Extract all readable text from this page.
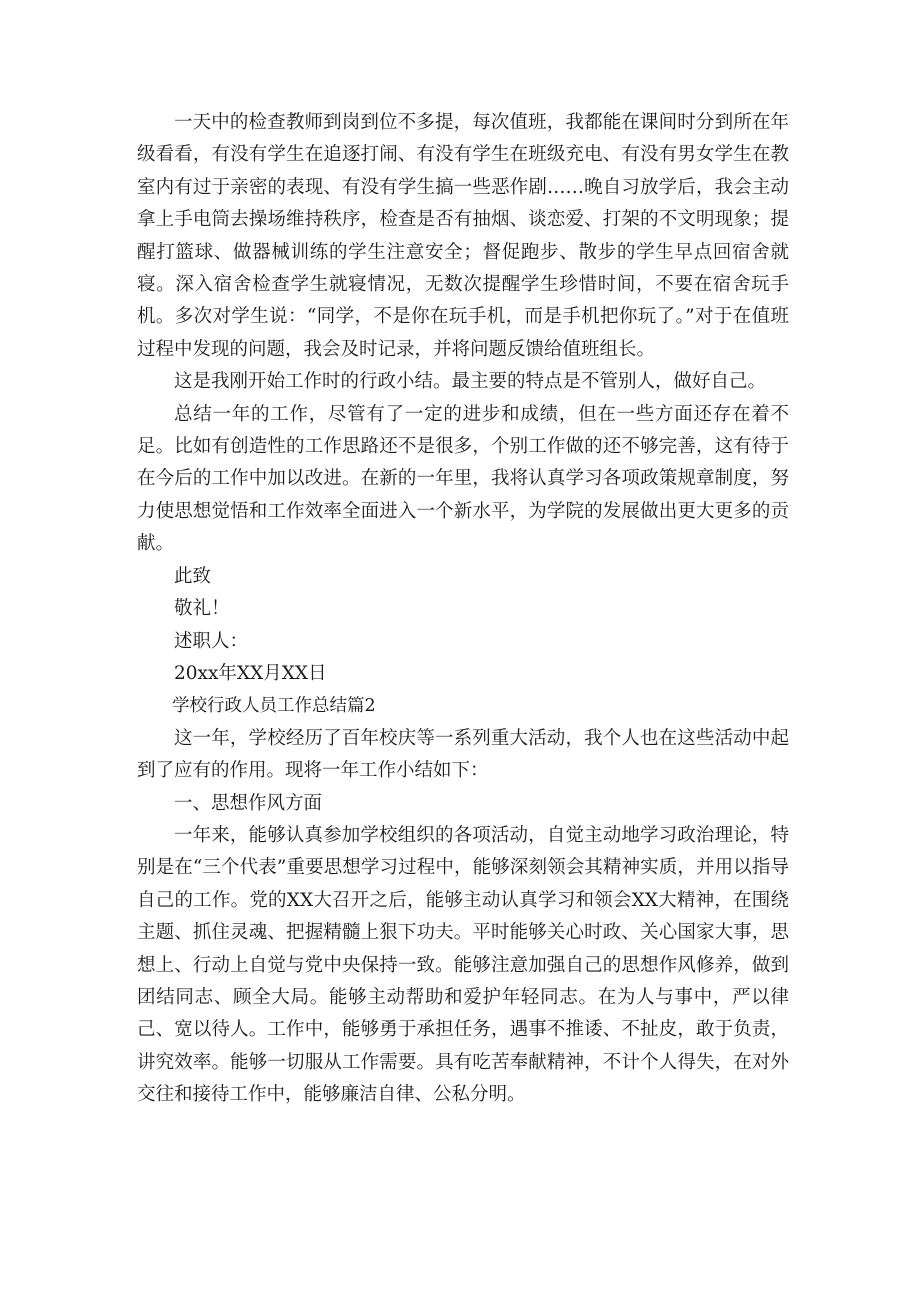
一天中的检查教师到岗到位不多提，每次值班，我都能在课间时分到所在年级看看，有没有学生在追逐打闹、有没有学生在班级充电、有没有男女学生在教室内有过于亲密的表现、有没有学生搞一些恶作剧……晚自习放学后，我会主动拿上手电筒去操场维持秩序，检查是否有抽烟、谈恋爱、打架的不文明现象；提醒打篮球、做器械训练的学生注意安全；督促跑步、散步的学生早点回宿舍就寝。深入宿舍检查学生就寝情况，无数次提醒学生珍惜时间，不要在宿舍玩手机。多次对学生说：“同学，不是你在玩手机，而是手机把你玩了。”对于在值班过程中发现的问题，我会及时记录，并将问题反馈给值班组长。

这是我刚开始工作时的行政小结。最主要的特点是不管别人，做好自己。

总结一年的工作，尽管有了一定的进步和成绩，但在一些方面还存在着不足。比如有创造性的工作思路还不是很多，个别工作做的还不够完善，这有待于在今后的工作中加以改进。在新的一年里，我将认真学习各项政策规章制度，努力使思想觉悟和工作效率全面进入一个新水平，为学院的发展做出更大更多的贡献。

此致

敬礼！

述职人：

20xx年XX月XX日

学校行政人员工作总结篇2

这一年，学校经历了百年校庆等一系列重大活动，我个人也在这些活动中起到了应有的作用。现将一年工作小结如下：

一、思想作风方面

一年来，能够认真参加学校组织的各项活动，自觉主动地学习政治理论，特别是在“三个代表”重要思想学习过程中，能够深刻领会其精神实质，并用以指导自己的工作。党的XX大召开之后，能够主动认真学习和领会XX大精神，在围绕主题、抓住灵魂、把握精髓上狠下功夫。平时能够关心时政、关心国家大事，思想上、行动上自觉与党中央保持一致。能够注意加强自己的思想作风修养，做到团结同志、顾全大局。能够主动帮助和爱护年轻同志。在为人与事中，严以律己、宽以待人。工作中，能够勇于承担任务，遇事不推诿、不扯皮，敢于负责，讲究效率。能够一切服从工作需要。具有吃苦奉献精神，不计个人得失，在对外交往和接待工作中，能够廉洁自律、公私分明。
